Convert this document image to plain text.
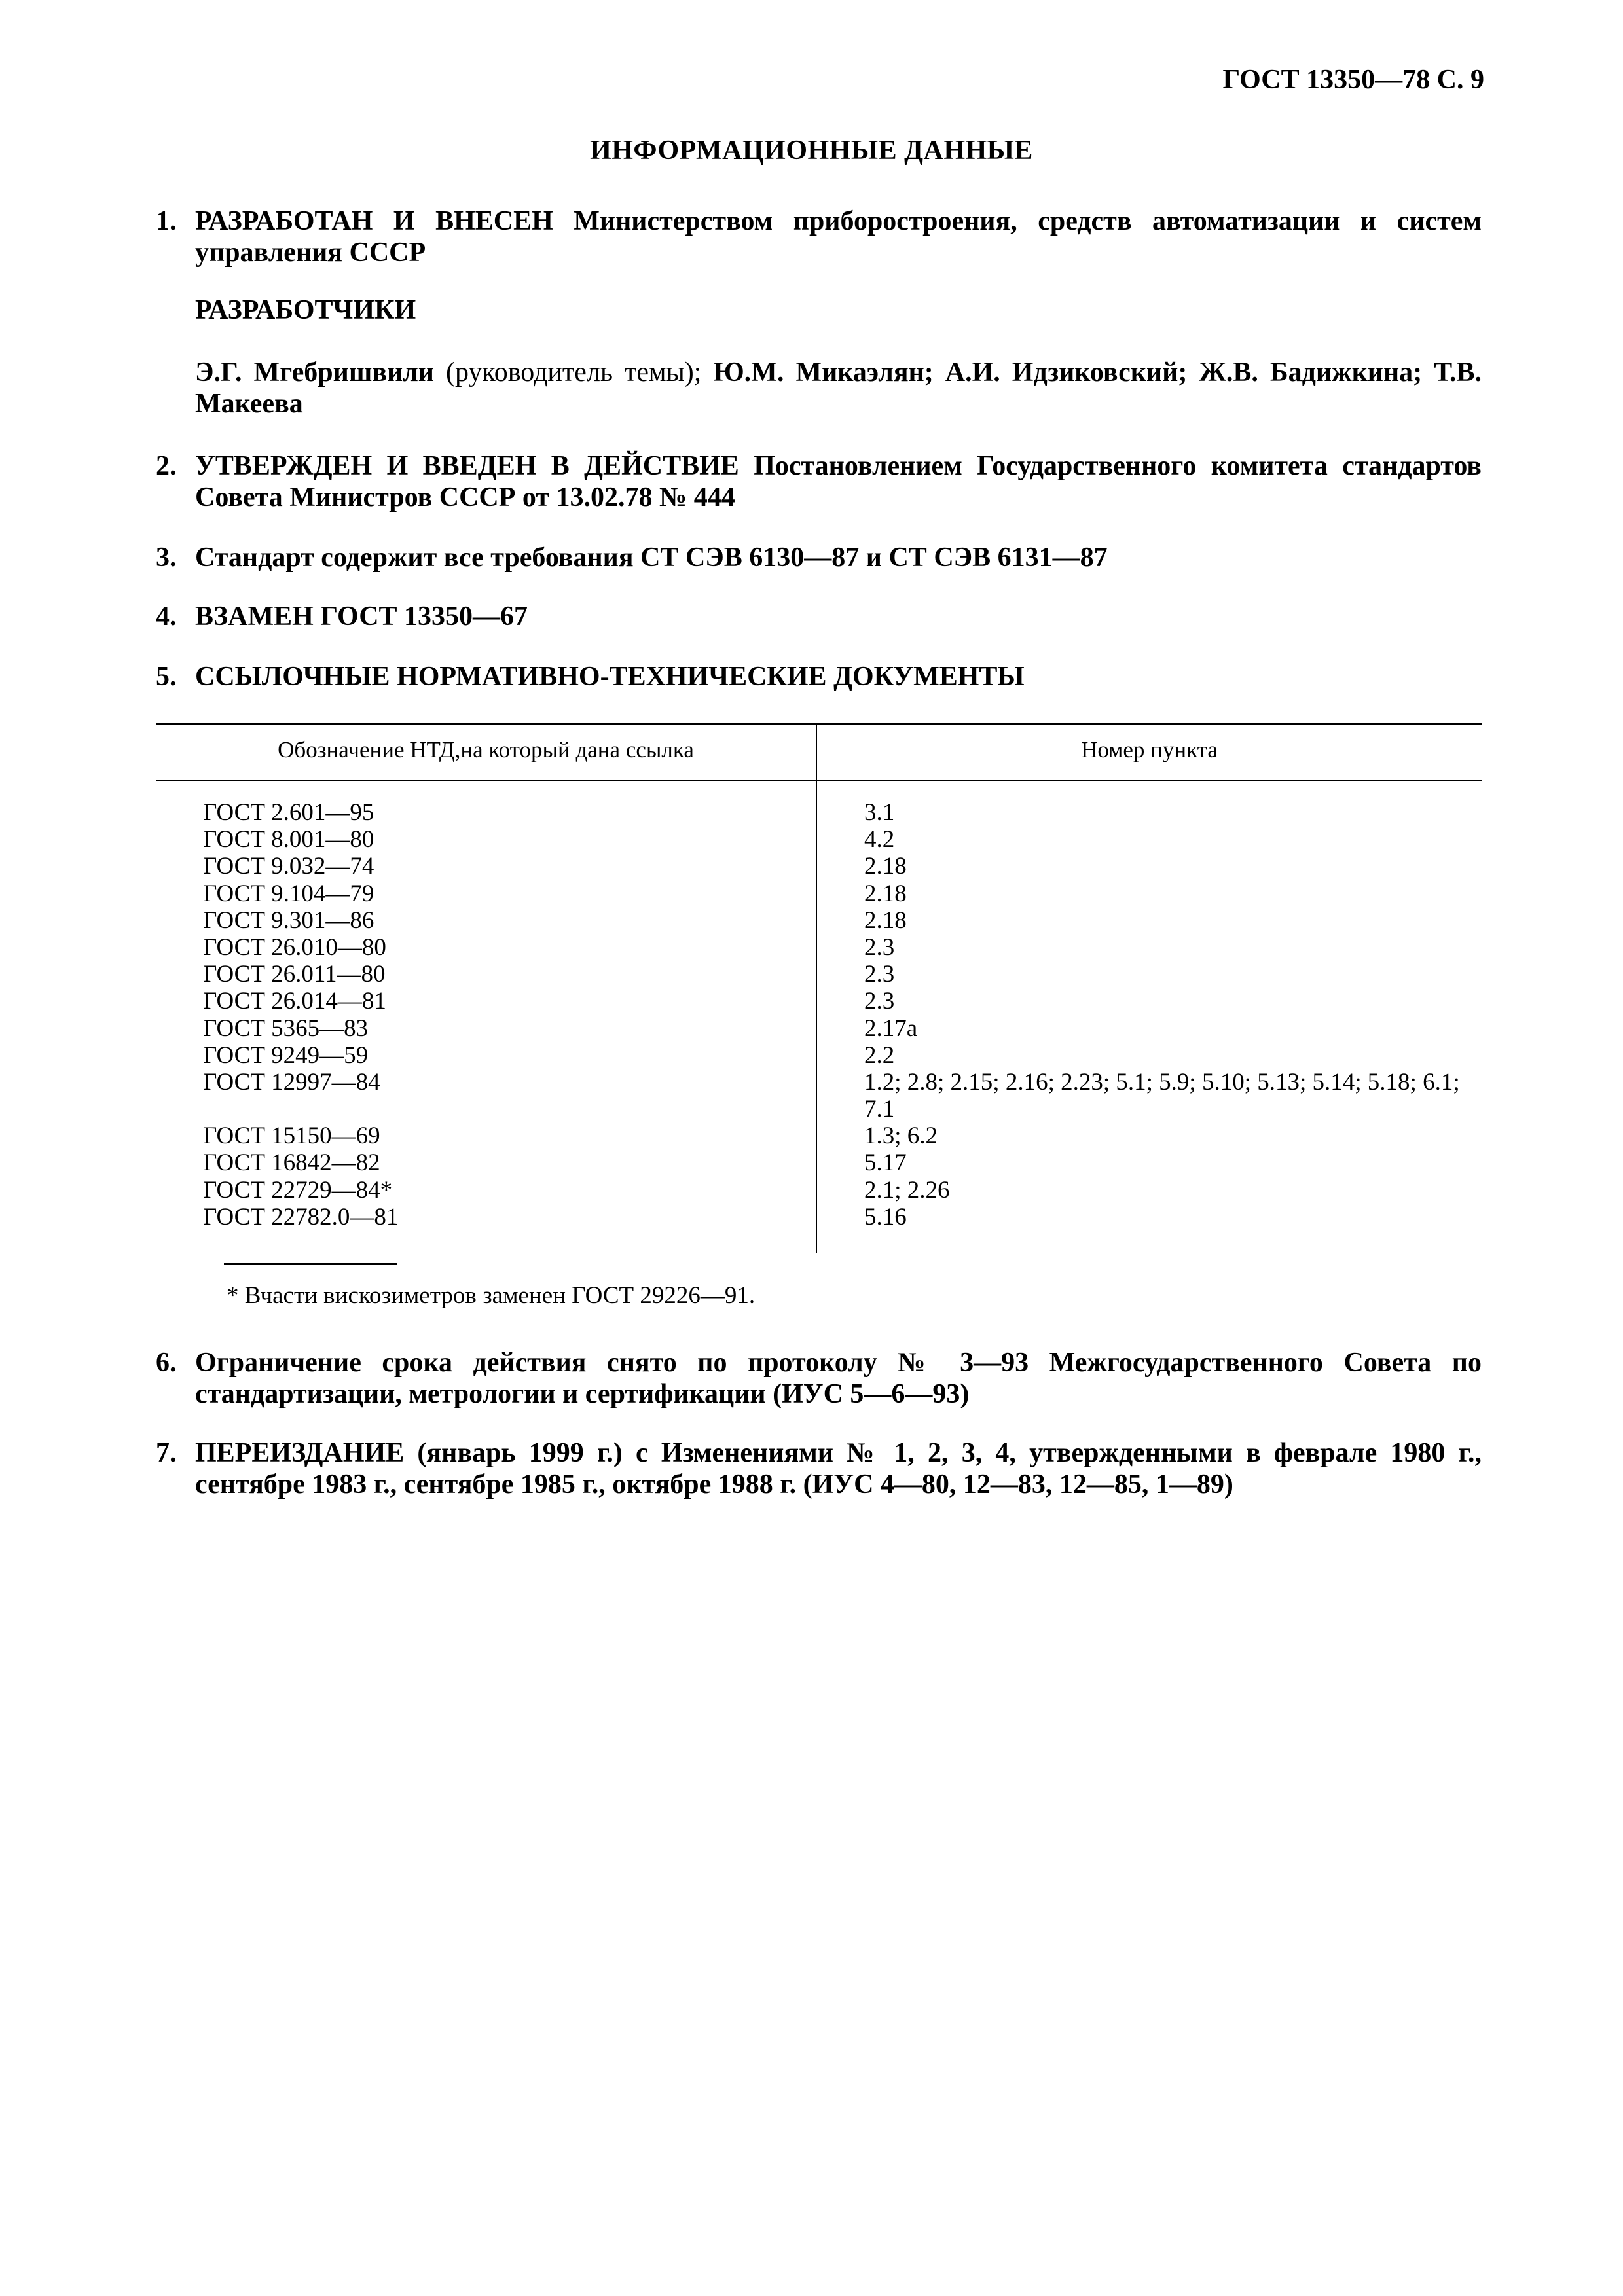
ГОСТ 13350—78 С. 9
ИНФОРМАЦИОННЫЕ ДАННЫЕ
1. РАЗРАБОТАН И ВНЕСЕН Министерством приборостроения, средств автоматизации и систем управления СССР
РАЗРАБОТЧИКИ
Э.Г. Мгебришвили (руководитель темы); Ю.М. Микаэлян; А.И. Идзиковский; Ж.В. Бадижкина; Т.В. Макеева
2. УТВЕРЖДЕН И ВВЕДЕН В ДЕЙСТВИЕ Постановлением Государственного комитета стандартов Совета Министров СССР от 13.02.78 № 444
3. Стандарт содержит все требования СТ СЭВ 6130—87 и СТ СЭВ 6131—87
4. ВЗАМЕН ГОСТ 13350—67
5. ССЫЛОЧНЫЕ НОРМАТИВНО-ТЕХНИЧЕСКИЕ ДОКУМЕНТЫ
Обозначение НТД,на который дана ссылка	Номер пункта
ГОСТ 2.601—95
ГОСТ 8.001—80
ГОСТ 9.032—74
ГОСТ 9.104—79
ГОСТ 9.301—86
ГОСТ 26.010—80
ГОСТ 26.011—80
ГОСТ 26.014—81
ГОСТ 5365—83
ГОСТ 9249—59
ГОСТ 12997—84
ГОСТ 15150—69
ГОСТ 16842—82
ГОСТ 22729—84*
ГОСТ 22782.0—81
3.1
4.2
2.18
2.18
2.18
2.3
2.3
2.3
2.17а
2.2
1.2; 2.8; 2.15; 2.16; 2.23; 5.1; 5.9; 5.10; 5.13; 5.14; 5.18; 6.1; 7.1
1.3; 6.2
5.17
2.1; 2.26
5.16
* Вчасти вискозиметров заменен ГОСТ 29226—91.
6. Ограничение срока действия снято по протоколу № 3—93 Межгосударственного Совета по стандартизации, метрологии и сертификации (ИУС 5—6—93)
7. ПЕРЕИЗДАНИЕ (январь 1999 г.) с Изменениями № 1, 2, 3, 4, утвержденными в феврале 1980 г., сентябре 1983 г., сентябре 1985 г., октябре 1988 г. (ИУС 4—80, 12—83, 12—85, 1—89)
